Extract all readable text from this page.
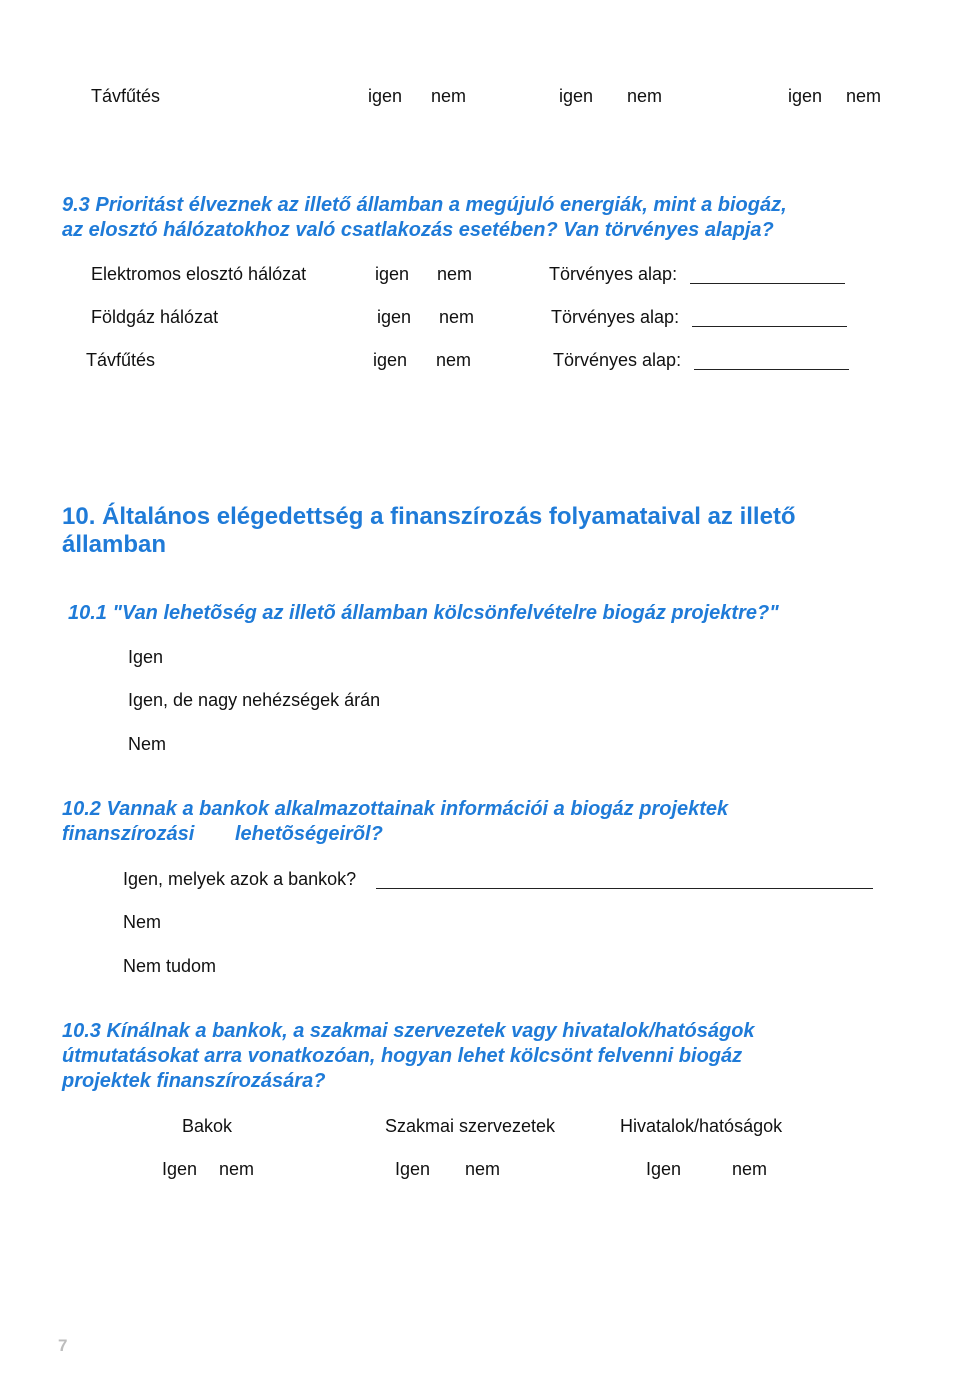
Távfűtés	igen nem	igen nem	igen nem
9.3 Prioritást élveznek az illető államban a megújuló energiák, mint a biogáz,
az elosztó hálózatokhoz való csatlakozás esetében? Van törvényes alapja?
Elektromos elosztó hálózat	igen nem	Törvényes alap:
Földgáz hálózat	igen nem	Törvényes alap:
Távfűtés	igen nem	Törvényes alap:
10. Általános elégedettség a finanszírozás folyamataival az illető
államban
10.1 "Van lehetõség az illetõ államban kölcsönfelvételre biogáz projektre?"
Igen
Igen, de nagy nehézségek árán
Nem
10.2 Vannak a bankok alkalmazottainak információi a biogáz projektek
finanszírozási lehetõségeirõl?
Igen, melyek azok a bankok?
Nem
Nem tudom
10.3 Kínálnak a bankok, a szakmai szervezetek vagy hivatalok/hatóságok
útmutatásokat arra vonatkozóan, hogyan lehet kölcsönt felvenni biogáz
projektek finanszírozására?
Bakok	Szakmai szervezetek	Hivatalok/hatóságok
Igen nem	Igen nem	Igen	nem
7
